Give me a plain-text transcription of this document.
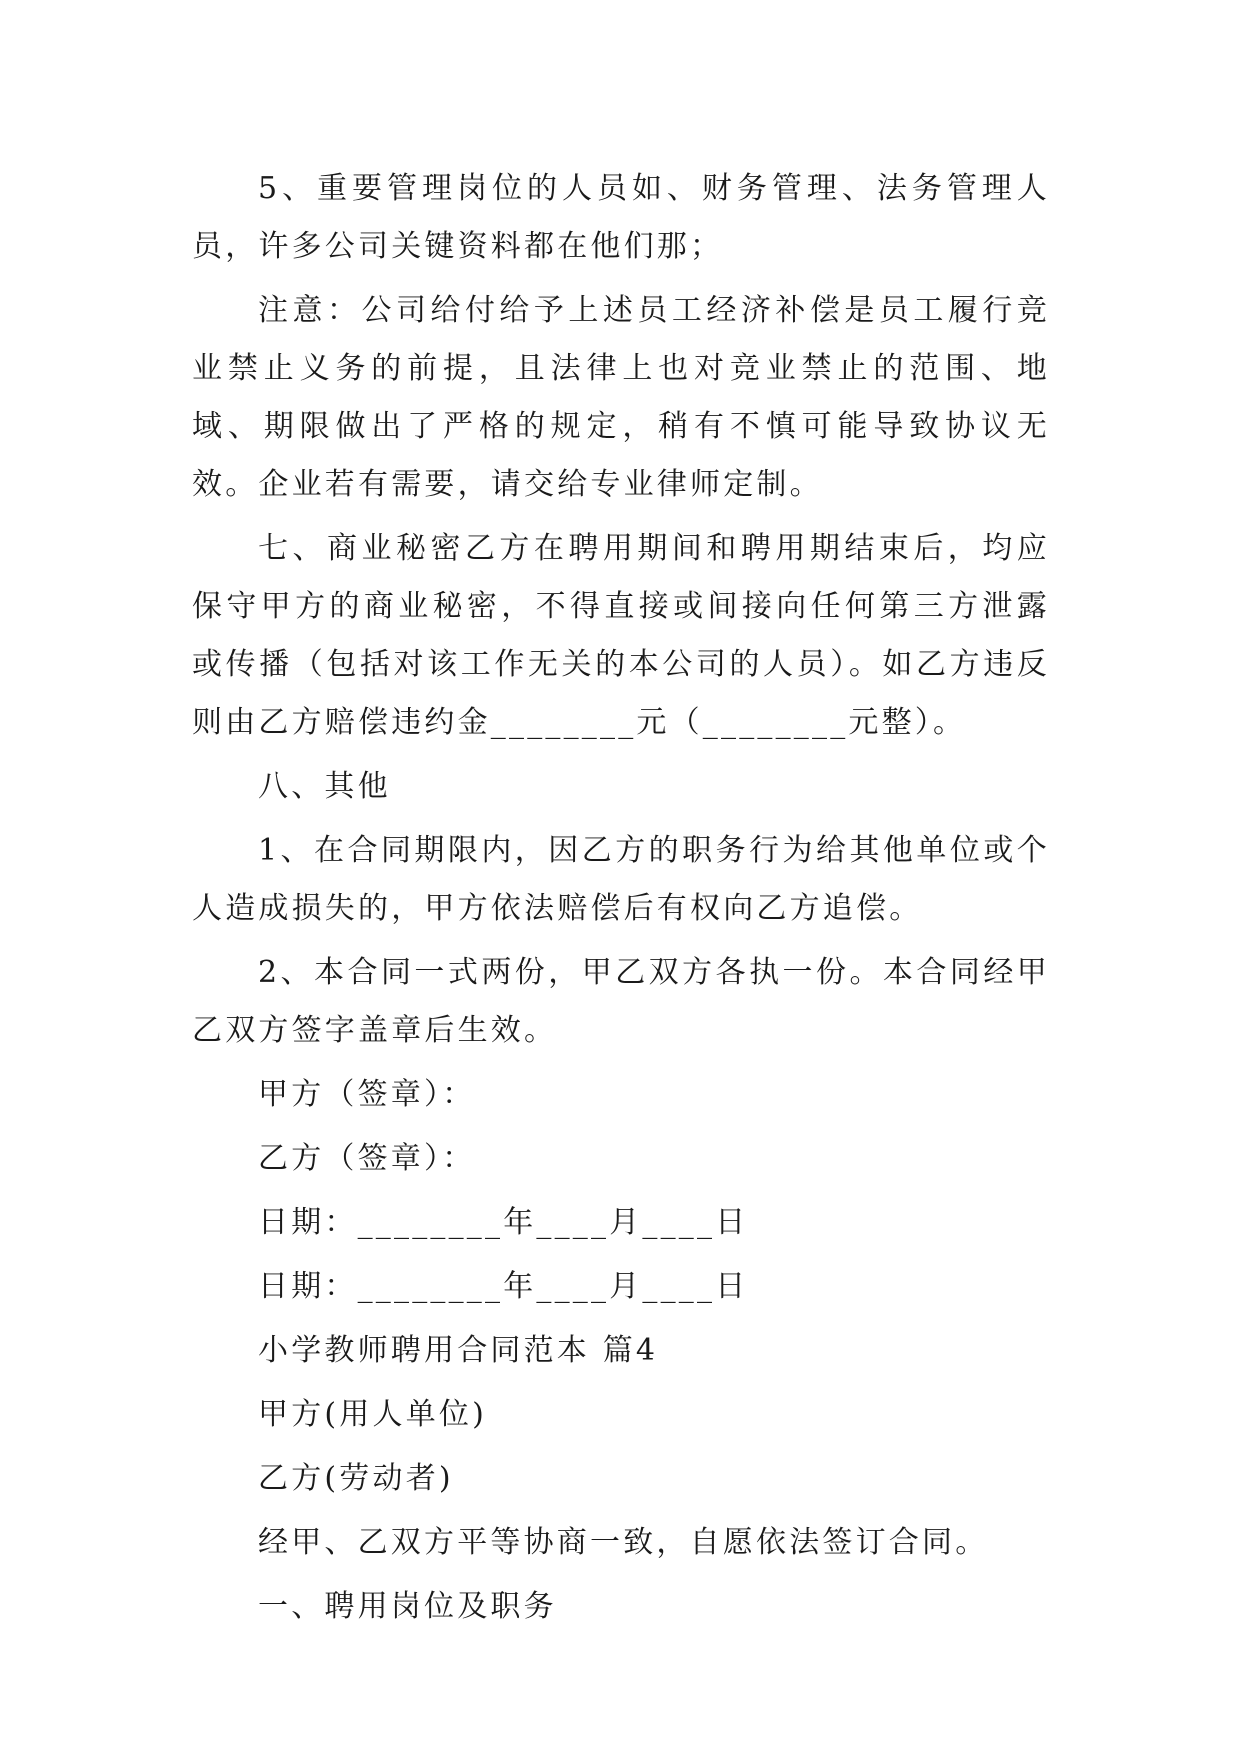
5、重要管理岗位的人员如、财务管理、法务管理人员，许多公司关键资料都在他们那；

注意：公司给付给予上述员工经济补偿是员工履行竞业禁止义务的前提，且法律上也对竞业禁止的范围、地域、期限做出了严格的规定，稍有不慎可能导致协议无效。企业若有需要，请交给专业律师定制。

七、商业秘密乙方在聘用期间和聘用期结束后，均应保守甲方的商业秘密，不得直接或间接向任何第三方泄露或传播（包括对该工作无关的本公司的人员）。如乙方违反则由乙方赔偿违约金________元（________元整）。

八、其他

1、在合同期限内，因乙方的职务行为给其他单位或个人造成损失的，甲方依法赔偿后有权向乙方追偿。

2、本合同一式两份，甲乙双方各执一份。本合同经甲乙双方签字盖章后生效。

甲方（签章）：

乙方（签章）：

日期：________年____月____日

日期：________年____月____日

小学教师聘用合同范本 篇4

甲方(用人单位)

乙方(劳动者)

经甲、乙双方平等协商一致，自愿依法签订合同。

一、聘用岗位及职务
